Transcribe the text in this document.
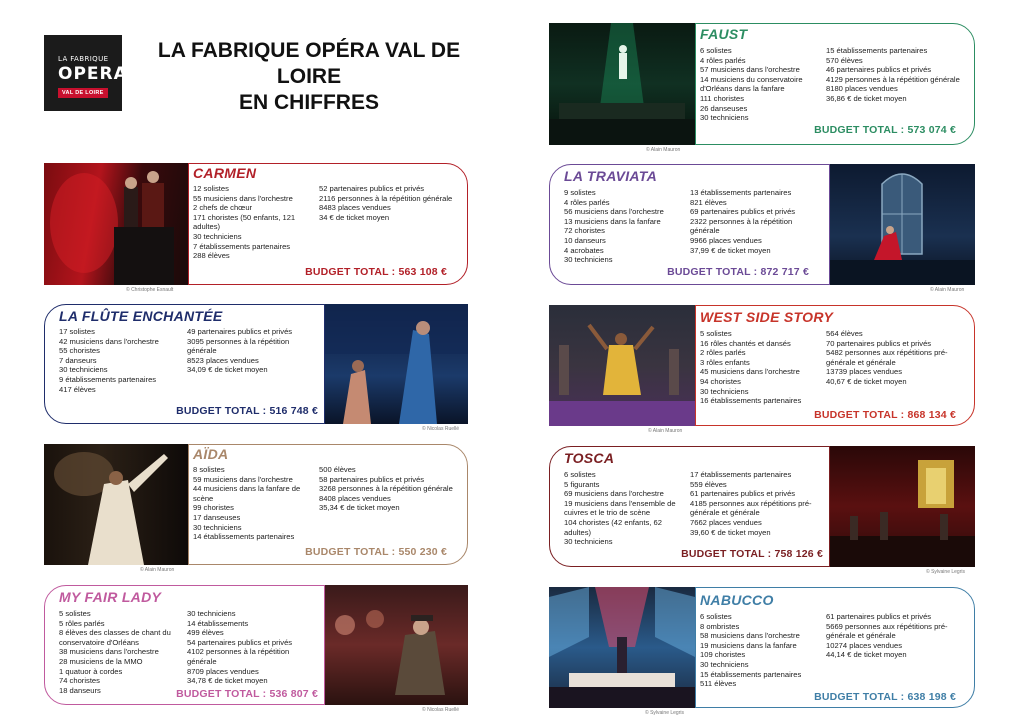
LA FABRIQUE
OPERA
VAL DE LOIRE
LA FABRIQUE OPÉRA VAL DE LOIRE
EN CHIFFRES
© Christophe Esnault
CARMEN
12 solistes
55 musiciens dans l'orchestre
2 chefs de chœur
171 choristes (50 enfants, 121 adultes)
30 techniciens
7 établissements partenaires
288 élèves
52 partenaires publics et privés
2116 personnes à la répétition générale
8483 places vendues
34 € de ticket moyen
BUDGET TOTAL : 563 108 €
LA FLÛTE ENCHANTÉE
17 solistes
42 musiciens dans l'orchestre
55 choristes
7 danseurs
30 techniciens
9 établissements partenaires
417 élèves
49 partenaires publics et privés
3095 personnes à la répétition générale
8523 places vendues
34,09 € de ticket moyen
BUDGET TOTAL : 516 748 €
© Nicolas Ruellé
© Alain Mauron
AÏDA
8 solistes
59 musiciens dans l'orchestre
44 musiciens dans la fanfare de scène
99 choristes
17 danseuses
30 techniciens
14 établissements partenaires
500 élèves
58 partenaires publics et privés
3268 personnes à la répétition générale
8408 places vendues
35,34 € de ticket moyen
BUDGET TOTAL : 550 230 €
MY FAIR LADY
5 solistes
5 rôles parlés
8 élèves des classes de chant du conservatoire d'Orléans
38 musiciens dans l'orchestre
28 musiciens de la MMO
1 quatuor à cordes
74 choristes
18 danseurs
30 techniciens
14 établissements
499 élèves
54 partenaires publics et privés
4102 personnes à la répétition générale
8709 places vendues
34,78 € de ticket moyen
BUDGET TOTAL : 536 807 €
© Nicolas Ruellé
© Alain Mauron
FAUST
6 solistes
4 rôles parlés
57 musiciens dans l'orchestre
14 musiciens du conservatoire d'Orléans dans la fanfare
111 choristes
26 danseuses
30 techniciens
15 établissements partenaires
570 élèves
46 partenaires publics et privés
4129 personnes à la répétition générale
8180 places vendues
36,86 € de ticket moyen
BUDGET TOTAL : 573 074 €
LA TRAVIATA
9 solistes
4 rôles parlés
56 musiciens dans l'orchestre
13 musiciens dans la fanfare
72 choristes
10 danseurs
4 acrobates
30 techniciens
13 établissements partenaires
821 élèves
69 partenaires publics et privés
2322 personnes à la répétition générale
9966 places vendues
37,99 € de ticket moyen
BUDGET TOTAL : 872 717 €
© Alain Mauron
© Alain Mauron
WEST SIDE STORY
5 solistes
16 rôles chantés et dansés
2 rôles parlés
3 rôles enfants
45 musiciens dans l'orchestre
94 choristes
30 techniciens
16 établissements partenaires
564 élèves
70 partenaires publics et privés
5482 personnes aux répétitions pré-générale et générale
13739 places vendues
40,67 € de ticket moyen
BUDGET TOTAL : 868 134 €
TOSCA
6 solistes
5 figurants
69 musiciens dans l'orchestre
19 musiciens dans l'ensemble de cuivres et le trio de scène
104 choristes (42 enfants, 62 adultes)
30 techniciens
17 établissements partenaires
559 élèves
61 partenaires publics et privés
4185 personnes aux répétitions pré-générale et générale
7662 places vendues
39,60 € de ticket moyen
BUDGET TOTAL : 758 126 €
© Sylvaine Legris
© Sylvaine Legris
NABUCCO
6 solistes
8 ombristes
58 musiciens dans l'orchestre
19 musiciens dans la fanfare
109 choristes
30 techniciens
15 établissements partenaires
511 élèves
61 partenaires publics et privés
5669 personnes aux répétitions pré-générale et générale
10274 places vendues
44,14 € de ticket moyen
BUDGET TOTAL : 638 198 €
